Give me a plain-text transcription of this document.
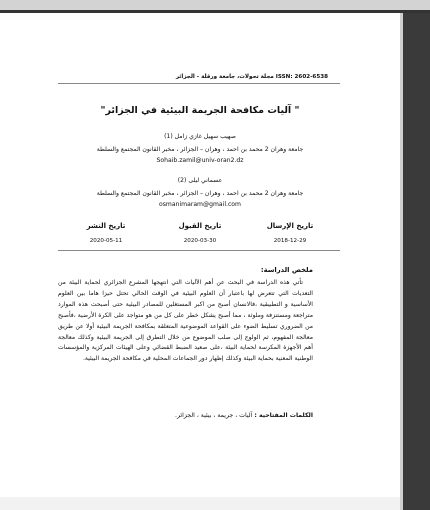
ISSN: 2602-6538 مجلة تحولات، جامعة ورقلة - الجزائر
" آليات مكافحة الجريمة البيئية في الجزائر"
صهيب سهيل غازي زامل (1)
جامعة وهران 2 محمد بن احمد ، وهران – الجزائر ، مخبر القانون المجتمع والسلطة
Sohaib.zamil@univ-oran2.dz
عسماني ليلى (2)
جامعة وهران 2 محمد بن احمد ، وهران – الجزائر ، مخبر القانون المجتمع والسلطة
osmanimaram@gmail.com
تاريخ الإرسال
تاريخ القبول
تاريخ النشر
2018-12-29
2020-03-30
2020-05-11
ملخص الدراسة:

تأتي هذه الدراسة في البحث عن أهم الآليات التي انتهجها المشرع الجزائري لحماية البيئة من التعديات التي تتعرض لها باعتبار أن العلوم البيئية في الوقت الحالي تحتل حيزا هاما بين العلوم الأساسية و التطبيقية ،فالانسان أصبح من اكبر المستغلين للمصادر البيئية حتى أصبحت هذه الموارد متراجعة ومستنزفة وملوثة ، مما أصبح يشكل خطر على كل من هو متواجد على الكرة الأرضية ،فأصبح من الضروري تسليط الضوء على القواعد الموضوعية المتعلقة بمكافحة الجريمة البيئية أولا عن طريق معالجة المفهوم، ثم الولوج إلى صلب الموضوع من خلال التطرق إلى الجريمة البيئية وكذلك معالجة أهم الأجهزة المكرسة لحماية البيئة ،على صعيد الضبط القضائي وعلى الهيئات المركزية والمؤسسات الوطنية المعنية بحماية البيئة وكذلك إظهار دور الجماعات المحلية في مكافحة الجريمة البيئية.

الكلمات المفتاحية : آليات ، جريمة ، بيئية ، الجزائر.
